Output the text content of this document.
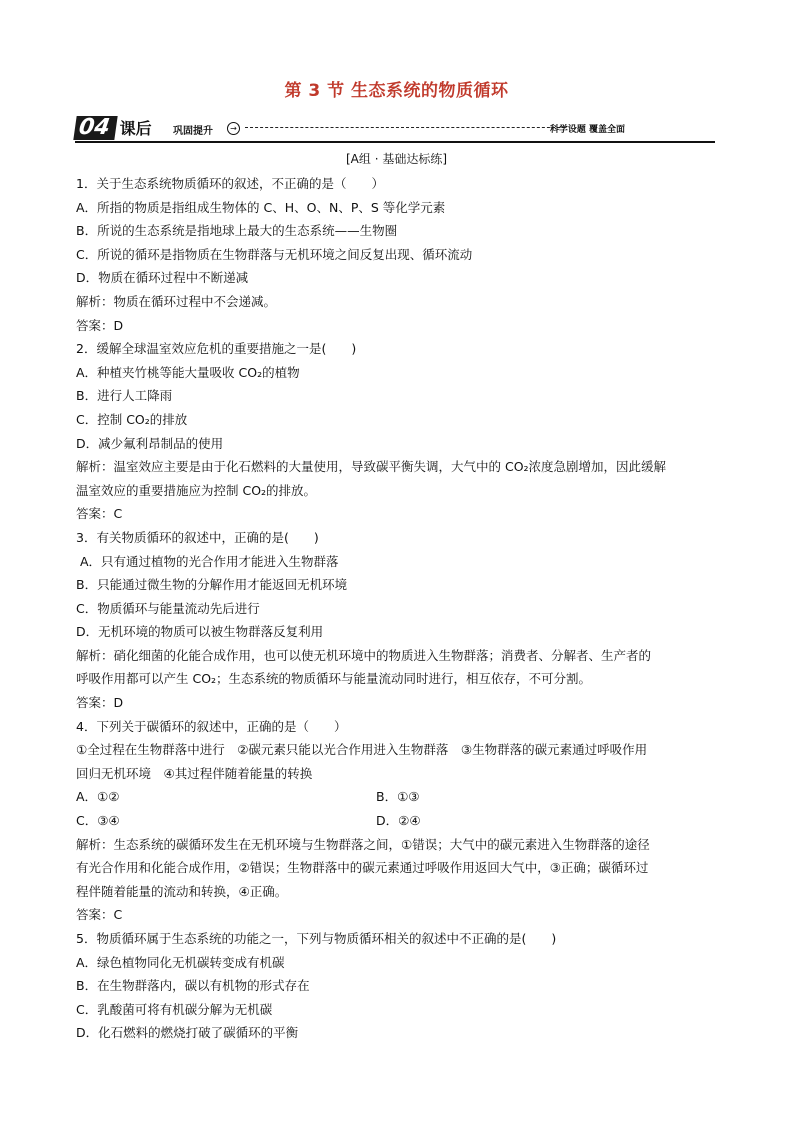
第 3 节 生态系统的物质循环
04 课后 巩固提升	→	科学设题 覆盖全面
[A组 · 基础达标练]
1．关于生态系统物质循环的叙述，不正确的是（　　）
A．所指的物质是指组成生物体的 C、H、O、N、P、S 等化学元素
B．所说的生态系统是指地球上最大的生态系统——生物圈
C．所说的循环是指物质在生物群落与无机环境之间反复出现、循环流动
D．物质在循环过程中不断递减
解析：物质在循环过程中不会递减。
答案：D
2．缓解全球温室效应危机的重要措施之一是(　　)
A．种植夹竹桃等能大量吸收 CO₂的植物
B．进行人工降雨
C．控制 CO₂的排放
D．减少氟利昂制品的使用
解析：温室效应主要是由于化石燃料的大量使用，导致碳平衡失调，大气中的 CO₂浓度急剧增加，因此缓解
温室效应的重要措施应为控制 CO₂的排放。
答案：C
3．有关物质循环的叙述中，正确的是(　　)
A．只有通过植物的光合作用才能进入生物群落
B．只能通过微生物的分解作用才能返回无机环境
C．物质循环与能量流动先后进行
D．无机环境的物质可以被生物群落反复利用
解析：硝化细菌的化能合成作用，也可以使无机环境中的物质进入生物群落；消费者、分解者、生产者的
呼吸作用都可以产生 CO₂；生态系统的物质循环与能量流动同时进行，相互依存，不可分割。
答案：D
4．下列关于碳循环的叙述中，正确的是（　　）
①全过程在生物群落中进行　②碳元素只能以光合作用进入生物群落　③生物群落的碳元素通过呼吸作用
回归无机环境　④其过程伴随着能量的转换
A．①②	B．①③
C．③④	D．②④
解析：生态系统的碳循环发生在无机环境与生物群落之间，①错误；大气中的碳元素进入生物群落的途径
有光合作用和化能合成作用，②错误；生物群落中的碳元素通过呼吸作用返回大气中，③正确；碳循环过
程伴随着能量的流动和转换，④正确。
答案：C
5．物质循环属于生态系统的功能之一，下列与物质循环相关的叙述中不正确的是(　　)
A．绿色植物同化无机碳转变成有机碳
B．在生物群落内，碳以有机物的形式存在
C．乳酸菌可将有机碳分解为无机碳
D．化石燃料的燃烧打破了碳循环的平衡
